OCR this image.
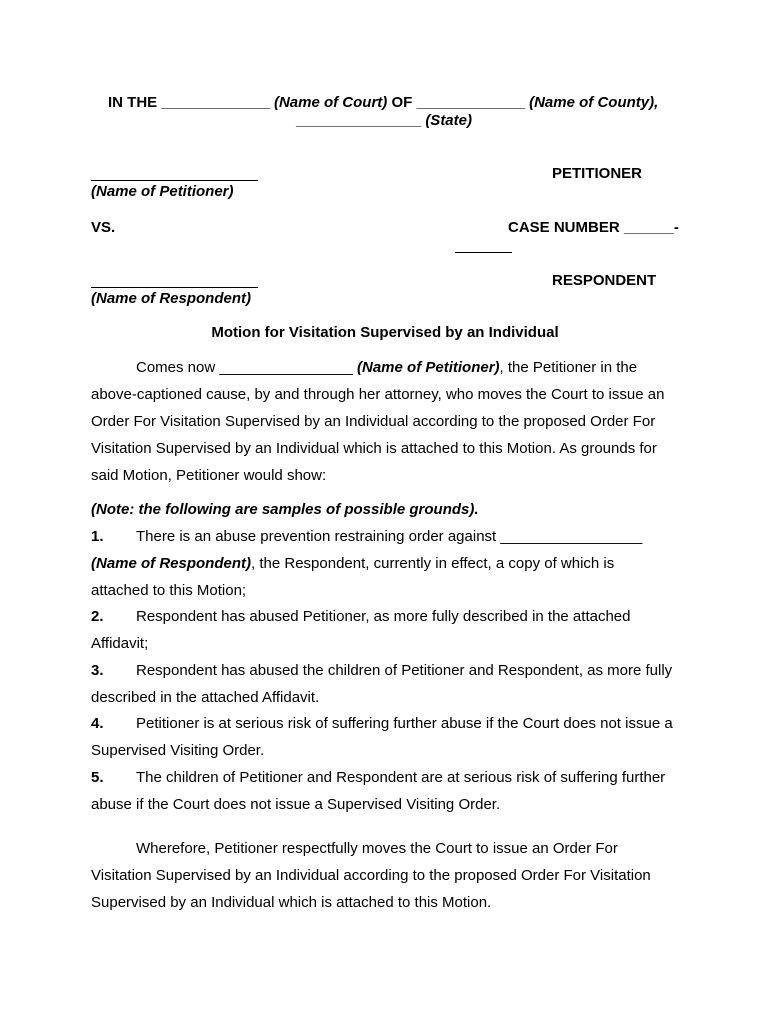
IN THE _____________ (Name of Court) OF _____________ (Name of County),
_______________ (State)
PETITIONER
(Name of Petitioner)
VS.	CASE NUMBER ______-
RESPONDENT
(Name of Respondent)
Motion for Visitation Supervised by an Individual
Comes now ________________ (Name of Petitioner), the Petitioner in the
above-captioned cause, by and through her attorney, who moves the Court to issue an
Order For Visitation Supervised by an Individual according to the proposed Order For
Visitation Supervised by an Individual which is attached to this Motion. As grounds for
said Motion, Petitioner would show:
(Note: the following are samples of possible grounds).
1. There is an abuse prevention restraining order against _________________
(Name of Respondent), the Respondent, currently in effect, a copy of which is
attached to this Motion;
2. Respondent has abused Petitioner, as more fully described in the attached
Affidavit;
3. Respondent has abused the children of Petitioner and Respondent, as more fully
described in the attached Affidavit.
4. Petitioner is at serious risk of suffering further abuse if the Court does not issue a
Supervised Visiting Order.
5. The children of Petitioner and Respondent are at serious risk of suffering further
abuse if the Court does not issue a Supervised Visiting Order.
Wherefore, Petitioner respectfully moves the Court to issue an Order For
Visitation Supervised by an Individual according to the proposed Order For Visitation
Supervised by an Individual which is attached to this Motion.
